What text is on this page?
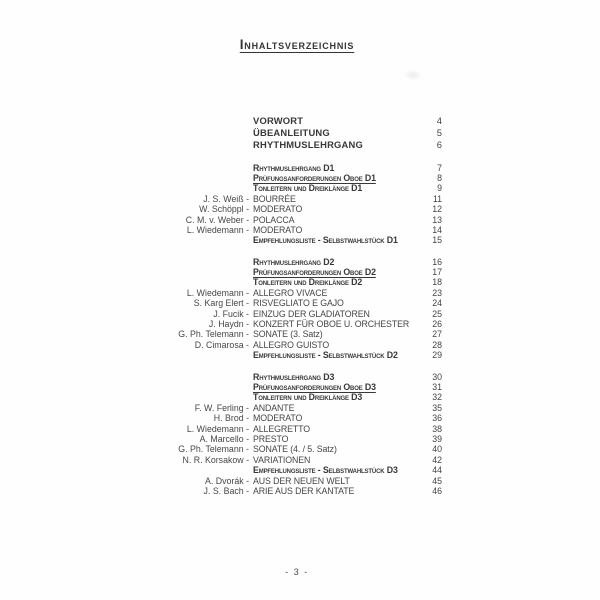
Inhaltsverzeichnis
VORWORT	4
ÜBEANLEITUNG	5
RHYTHMUSLEHRGANG	6
Rhythmuslehrgang D1	7
Prüfungsanforderungen Oboe D1	8
Tonleitern und Dreiklänge D1	9
J. S. Weiß - BOURRÉE	11
W. Schöppl - MODERATO	12
C. M. v. Weber - POLACCA	13
L. Wiedemann - MODERATO	14
Empfehlungsliste - Selbstwahlstück D1	15
Rhythmuslehrgang D2	16
Prüfungsanforderungen Oboe D2	17
Tonleitern und Dreiklänge D2	18
L. Wiedemann - ALLEGRO VIVACE	23
S. Karg Elert - RISVEGLIATO E GAJO	24
J. Fucik - EINZUG DER GLADIATOREN	25
J. Haydn - KONZERT FÜR OBOE U. ORCHESTER	26
G. Ph. Telemann - SONATE (3. Satz)	27
D. Cimarosa - ALLEGRO GUISTO	28
Empfehlungsliste - Selbstwahlstück D2	29
Rhythmuslehrgang D3	30
Prüfungsanforderungen Oboe D3	31
Tonleitern und Dreiklänge D3	32
F. W. Ferling - ANDANTE	35
H. Brod - MODERATO	36
L. Wiedemann - ALLEGRETTO	38
A. Marcello - PRESTO	39
G. Ph. Telemann - SONATE (4. / 5. Satz)	40
N. R. Korsakow - VARIATIONEN	42
Empfehlungsliste - Selbstwahlstück D3	44
A. Dvorák - AUS DER NEUEN WELT	45
J. S. Bach - ARIE AUS DER KANTATE	46
- 3 -
